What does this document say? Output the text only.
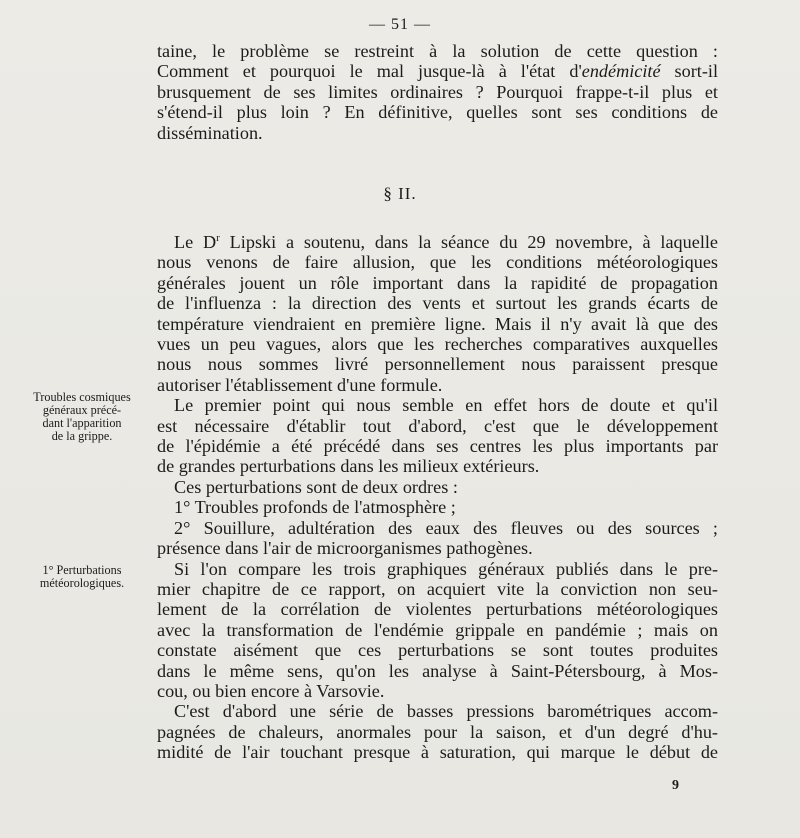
— 51 —
taine, le problème se restreint à la solution de cette question :
Comment et pourquoi le mal jusque-là à l'état d'endémicité sort-il
brusquement de ses limites ordinaires ? Pourquoi frappe-t-il plus et
s'étend-il plus loin ? En définitive, quelles sont ses conditions de
dissémination.
§ II.
Le $D^r$ Lipski a soutenu, dans la séance du 29 novembre, à laquelle
nous venons de faire allusion, que les conditions météorologiques
générales jouent un rôle important dans la rapidité de propagation
de l'influenza : la direction des vents et surtout les grands écarts de
température viendraient en première ligne. Mais il n'y avait là que des
vues un peu vagues, alors que les recherches comparatives auxquelles
nous nous sommes livré personnellement nous paraissent presque
autoriser l'établissement d'une formule.
Le premier point qui nous semble en effet hors de doute et qu'il
est nécessaire d'établir tout d'abord, c'est que le développement
de l'épidémie a été précédé dans ses centres les plus importants par
de grandes perturbations dans les milieux extérieurs.
Ces perturbations sont de deux ordres :
1° Troubles profonds de l'atmosphère ;
2° Souillure, adultération des eaux des fleuves ou des sources ;
présence dans l'air de microorganismes pathogènes.
Si l'on compare les trois graphiques généraux publiés dans le pre-
mier chapitre de ce rapport, on acquiert vite la conviction non seu-
lement de la corrélation de violentes perturbations météorologiques
avec la transformation de l'endémie grippale en pandémie ; mais on
constate aisément que ces perturbations se sont toutes produites
dans le même sens, qu'on les analyse à Saint-Pétersbourg, à Mos-
cou, ou bien encore à Varsovie.
C'est d'abord une série de basses pressions barométriques accom-
pagnées de chaleurs, anormales pour la saison, et d'un degré d'hu-
midité de l'air touchant presque à saturation, qui marque le début de
Troubles cosmiques
généraux précé-
dant l'apparition
de la grippe.
1° Perturbations
météorologiques.
9
